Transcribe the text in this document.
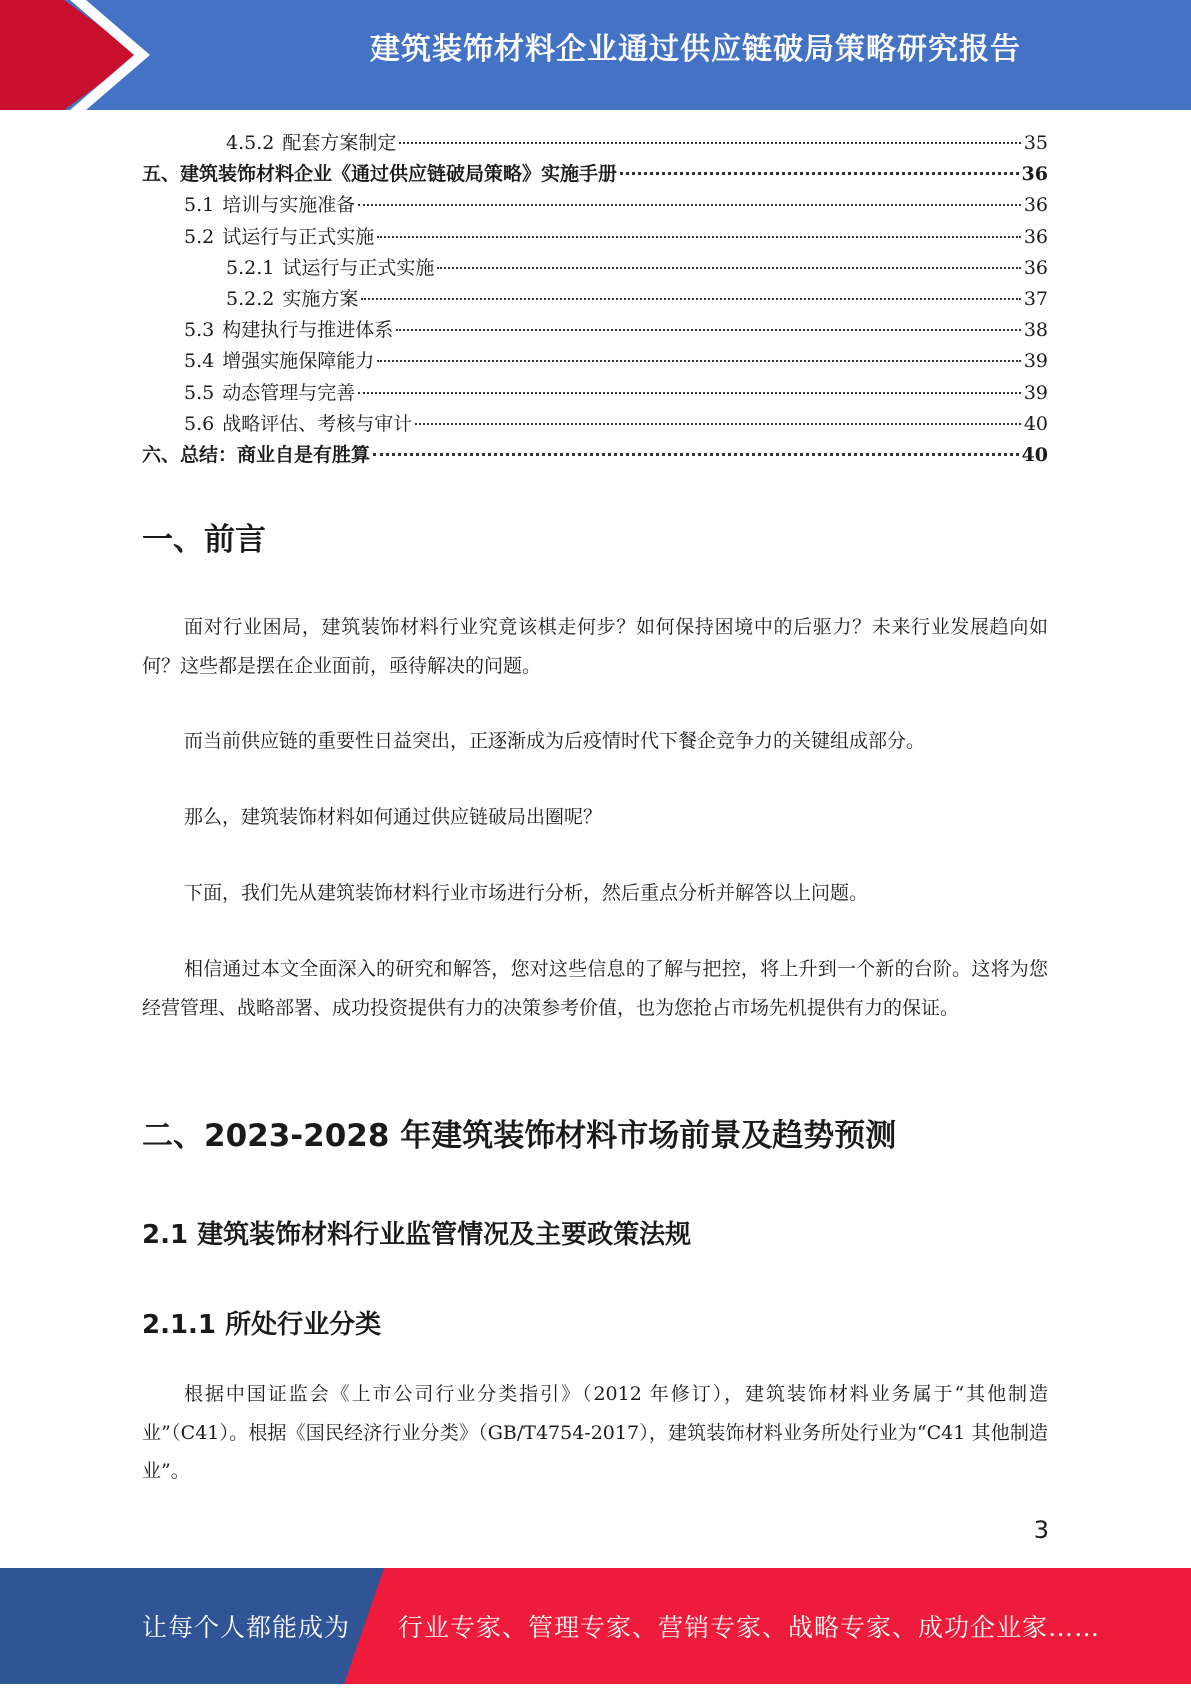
建筑装饰材料企业通过供应链破局策略研究报告
4.5.2 配套方案制定	35
五、建筑装饰材料企业《通过供应链破局策略》实施手册	36
5.1 培训与实施准备	36
5.2 试运行与正式实施	36
5.2.1 试运行与正式实施	36
5.2.2 实施方案	37
5.3 构建执行与推进体系	38
5.4 增强实施保障能力	39
5.5 动态管理与完善	39
5.6 战略评估、考核与审计	40
六、总结：商业自是有胜算	40
一、前言

面对行业困局，建筑装饰材料行业究竟该棋走何步？如何保持困境中的后驱力？未来行业发展趋向如何？这些都是摆在企业面前，亟待解决的问题。

而当前供应链的重要性日益突出，正逐渐成为后疫情时代下餐企竞争力的关键组成部分。

那么，建筑装饰材料如何通过供应链破局出圈呢？

下面，我们先从建筑装饰材料行业市场进行分析，然后重点分析并解答以上问题。

相信通过本文全面深入的研究和解答，您对这些信息的了解与把控，将上升到一个新的台阶。这将为您经营管理、战略部署、成功投资提供有力的决策参考价值，也为您抢占市场先机提供有力的保证。

二、2023-2028 年建筑装饰材料市场前景及趋势预测
2.1 建筑装饰材料行业监管情况及主要政策法规
2.1.1 所处行业分类

根据中国证监会《上市公司行业分类指引》（2012 年修订），建筑装饰材料业务属于“其他制造业”（C41）。根据《国民经济行业分类》（GB/T4754-2017），建筑装饰材料业务所处行业为“C41 其他制造业”。

3
让每个人都能成为 行业专家、管理专家、营销专家、战略专家、成功企业家……
